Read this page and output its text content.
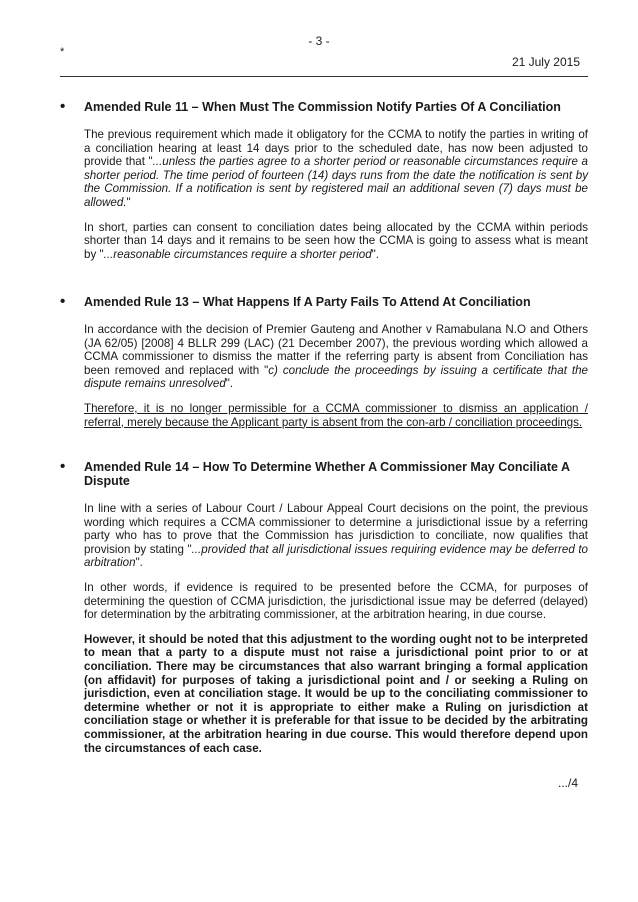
- 3 -
*
21 July 2015
• Amended Rule 11 – When Must The Commission Notify Parties Of A Conciliation

The previous requirement which made it obligatory for the CCMA to notify the parties in writing of a conciliation hearing at least 14 days prior to the scheduled date, has now been adjusted to provide that "...unless the parties agree to a shorter period or reasonable circumstances require a shorter period. The time period of fourteen (14) days runs from the date the notification is sent by the Commission. If a notification is sent by registered mail an additional seven (7) days must be allowed."

In short, parties can consent to conciliation dates being allocated by the CCMA within periods shorter than 14 days and it remains to be seen how the CCMA is going to assess what is meant by "...reasonable circumstances require a shorter period".

• Amended Rule 13 – What Happens If A Party Fails To Attend At Conciliation

In accordance with the decision of Premier Gauteng and Another v Ramabulana N.O and Others (JA 62/05) [2008] 4 BLLR 299 (LAC) (21 December 2007), the previous wording which allowed a CCMA commissioner to dismiss the matter if the referring party is absent from Conciliation has been removed and replaced with "c) conclude the proceedings by issuing a certificate that the dispute remains unresolved".

Therefore, it is no longer permissible for a CCMA commissioner to dismiss an application / referral, merely because the Applicant party is absent from the con-arb / conciliation proceedings.

• Amended Rule 14 – How To Determine Whether A Commissioner May Conciliate A Dispute

In line with a series of Labour Court / Labour Appeal Court decisions on the point, the previous wording which requires a CCMA commissioner to determine a jurisdictional issue by a referring party who has to prove that the Commission has jurisdiction to conciliate, now qualifies that provision by stating "...provided that all jurisdictional issues requiring evidence may be deferred to arbitration".

In other words, if evidence is required to be presented before the CCMA, for purposes of determining the question of CCMA jurisdiction, the jurisdictional issue may be deferred (delayed) for determination by the arbitrating commissioner, at the arbitration hearing, in due course.

However, it should be noted that this adjustment to the wording ought not to be interpreted to mean that a party to a dispute must not raise a jurisdictional point prior to or at conciliation. There may be circumstances that also warrant bringing a formal application (on affidavit) for purposes of taking a jurisdictional point and / or seeking a Ruling on jurisdiction, even at conciliation stage. It would be up to the conciliating commissioner to determine whether or not it is appropriate to either make a Ruling on jurisdiction at conciliation stage or whether it is preferable for that issue to be decided by the arbitrating commissioner, at the arbitration hearing in due course. This would therefore depend upon the circumstances of each case.

.../4
